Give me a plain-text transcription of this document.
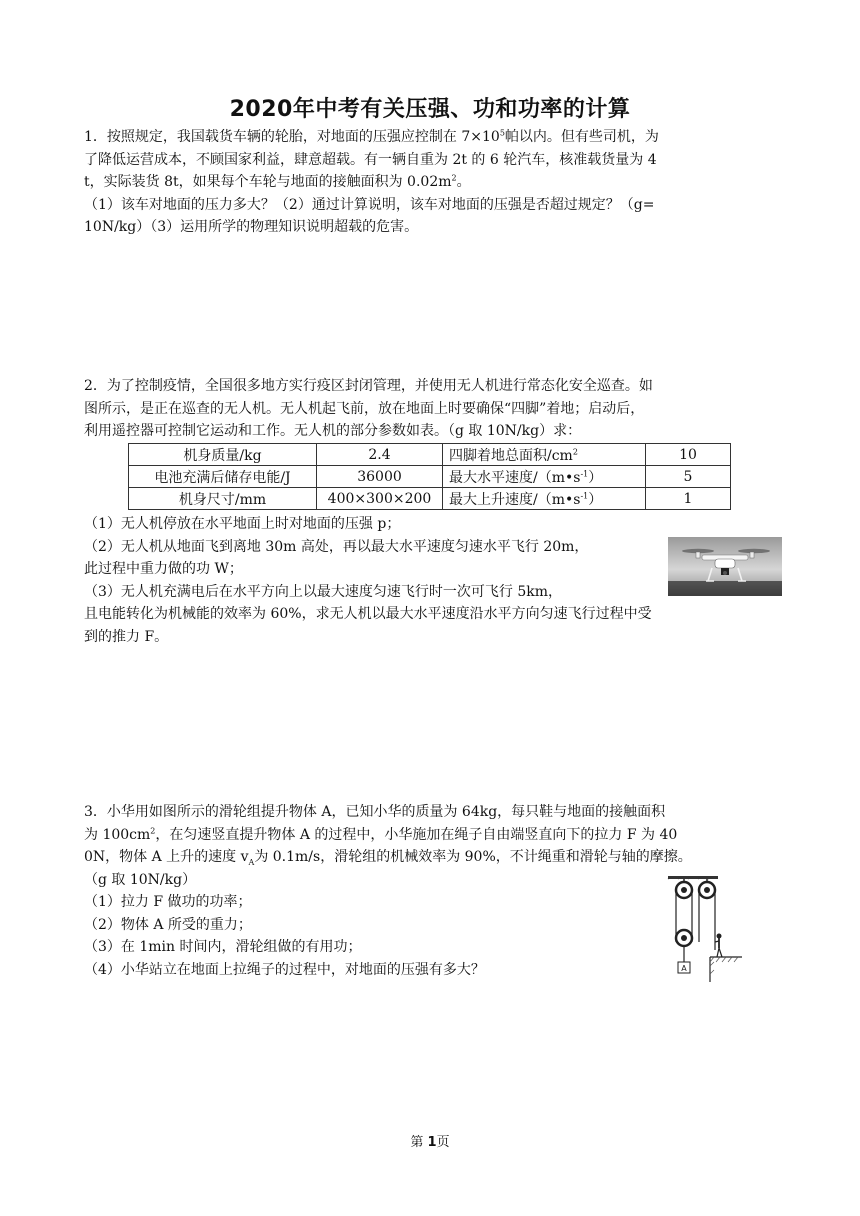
2020年中考有关压强、功和功率的计算
1．按照规定，我国载货车辆的轮胎，对地面的压强应控制在 $7\times 10^5$帕以内。但有些司机，为
了降低运营成本，不顾国家利益，肆意超载。有一辆自重为 2t 的 6 轮汽车，核准载货量为 4
t，实际装货 8t，如果每个车轮与地面的接触面积为 $0.02m^2$。
（1）该车对地面的压力多大？（2）通过计算说明，该车对地面的压强是否超过规定？（g=
10N/kg）（3）运用所学的物理知识说明超载的危害。
2．为了控制疫情，全国很多地方实行疫区封闭管理，并使用无人机进行常态化安全巡查。如
图所示，是正在巡查的无人机。无人机起飞前，放在地面上时要确保“四脚”着地；启动后，
利用遥控器可控制它运动和工作。无人机的部分参数如表。（g 取 10N/kg）求：
机身质量/kg	2.4	四脚着地总面积$/cm^2$	10
电池充满后储存电能/J	36000	最大水平速度$/(m•s^{-1})$	5
机身尺寸/mm	400×300×200	最大上升速度$/(m•s^{-1})$	1
（1）无人机停放在水平地面上时对地面的压强 p；
（2）无人机从地面飞到离地 30m 高处，再以最大水平速度匀速水平飞行 20m，
此过程中重力做的功 W；
（3）无人机充满电后在水平方向上以最大速度匀速飞行时一次可飞行 5km，
且电能转化为机械能的效率为 60%，求无人机以最大水平速度沿水平方向匀速飞行过程中受
到的推力 F。
3．小华用如图所示的滑轮组提升物体 A，已知小华的质量为 64kg，每只鞋与地面的接触面积
为 $100cm^2$，在匀速竖直提升物体 A 的过程中，小华施加在绳子自由端竖直向下的拉力 F 为 40
0N，物体 A 上升的速度 $v_A$为 0.1m/s，滑轮组的机械效率为 90%，不计绳重和滑轮与轴的摩擦。
（g 取 10N/kg）
（1）拉力 F 做功的功率；
（2）物体 A 所受的重力；
（3）在 1min 时间内，滑轮组做的有用功；
（4）小华站立在地面上拉绳子的过程中，对地面的压强有多大？	A
第 1页
